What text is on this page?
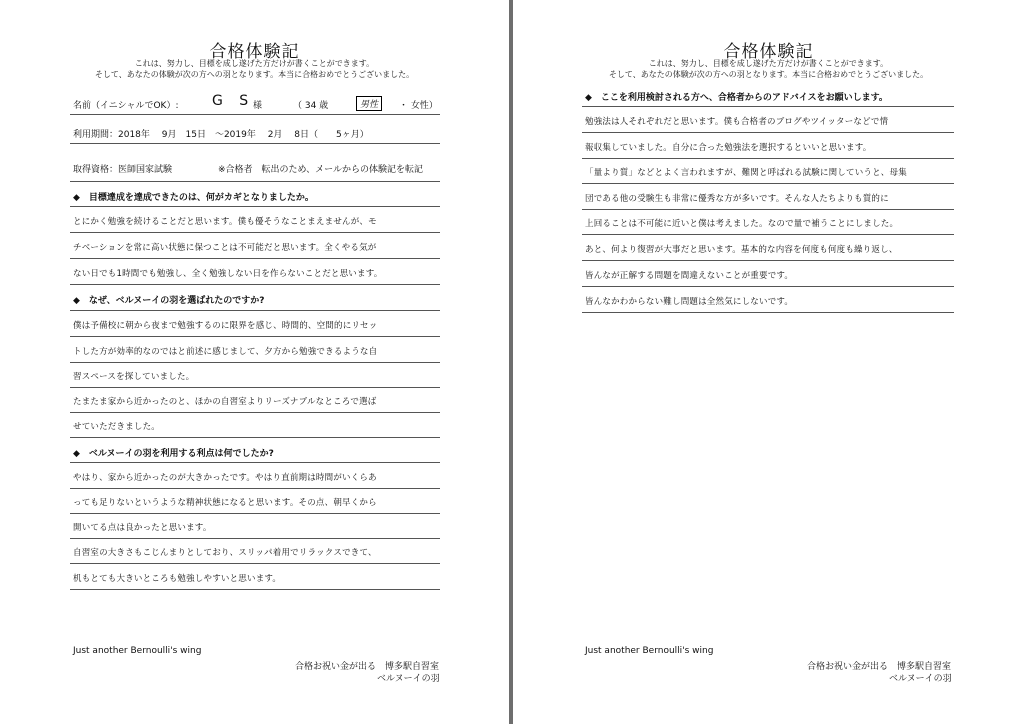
合格体験記
これは、努力し、目標を成し遂げた方だけが書くことができます。
そして、あなたの体験が次の方への羽となります。本当に合格おめでとうございました。
名前（イニシャルでOK）: G S
様	（ 34 歳	男性	・ 女性）
利用期間：2018年　 9月　15日　～2019年　 2月　 8日（　　5ヶ月）
取得資格：医師国家試験	※合格者　転出のため、メールからの体験記を転記
◆　目標達成を達成できたのは、何がカギとなりましたか。
とにかく勉強を続けることだと思います。僕も優そうなことまえませんが、モ
チベーションを常に高い状態に保つことは不可能だと思います。全くやる気が
ない日でも1時間でも勉強し、全く勉強しない日を作らないことだと思います。
◆　なぜ、ベルヌーイの羽を選ばれたのですか?
僕は予備校に朝から夜まで勉強するのに限界を感じ、時間的、空間的にリセッ
トした方が効率的なのではと前述に感じまして、夕方から勉強できるような自
習スペースを探していました。
たまたま家から近かったのと、ほかの自習室よりリーズナブルなところで選ば
せていただきました。
◆　ベルヌーイの羽を利用する利点は何でしたか?
やはり、家から近かったのが大きかったです。やはり直前期は時間がいくらあ
っても足りないというような精神状態になると思います。その点、朝早くから
開いてる点は良かったと思います。
自習室の大きさもこじんまりとしており、スリッパ着用でリラックスできて、
机もとても大きいところも勉強しやすいと思います。
Just another Bernoulli's wing
合格お祝い金が出る　博多駅自習室
ベルヌーイの羽
合格体験記
これは、努力し、目標を成し遂げた方だけが書くことができます。
そして、あなたの体験が次の方への羽となります。本当に合格おめでとうございました。
◆　ここを利用検討される方へ、合格者からのアドバイスをお願いします。
勉強法は人それぞれだと思います。僕も合格者のブログやツイッターなどで情
報収集していました。自分に合った勉強法を選択するといいと思います。
「量より質」などとよく言われますが、難関と呼ばれる試験に関していうと、母集
団である他の受験生も非常に優秀な方が多いです。そんな人たちよりも質的に
上回ることは不可能に近いと僕は考えました。なので量で補うことにしました。
あと、何より復習が大事だと思います。基本的な内容を何度も何度も繰り返し、
皆んなが正解する問題を間違えないことが重要です。
皆んなかわからない難し問題は全然気にしないです。
Just another Bernoulli's wing
合格お祝い金が出る　博多駅自習室
ベルヌーイの羽
